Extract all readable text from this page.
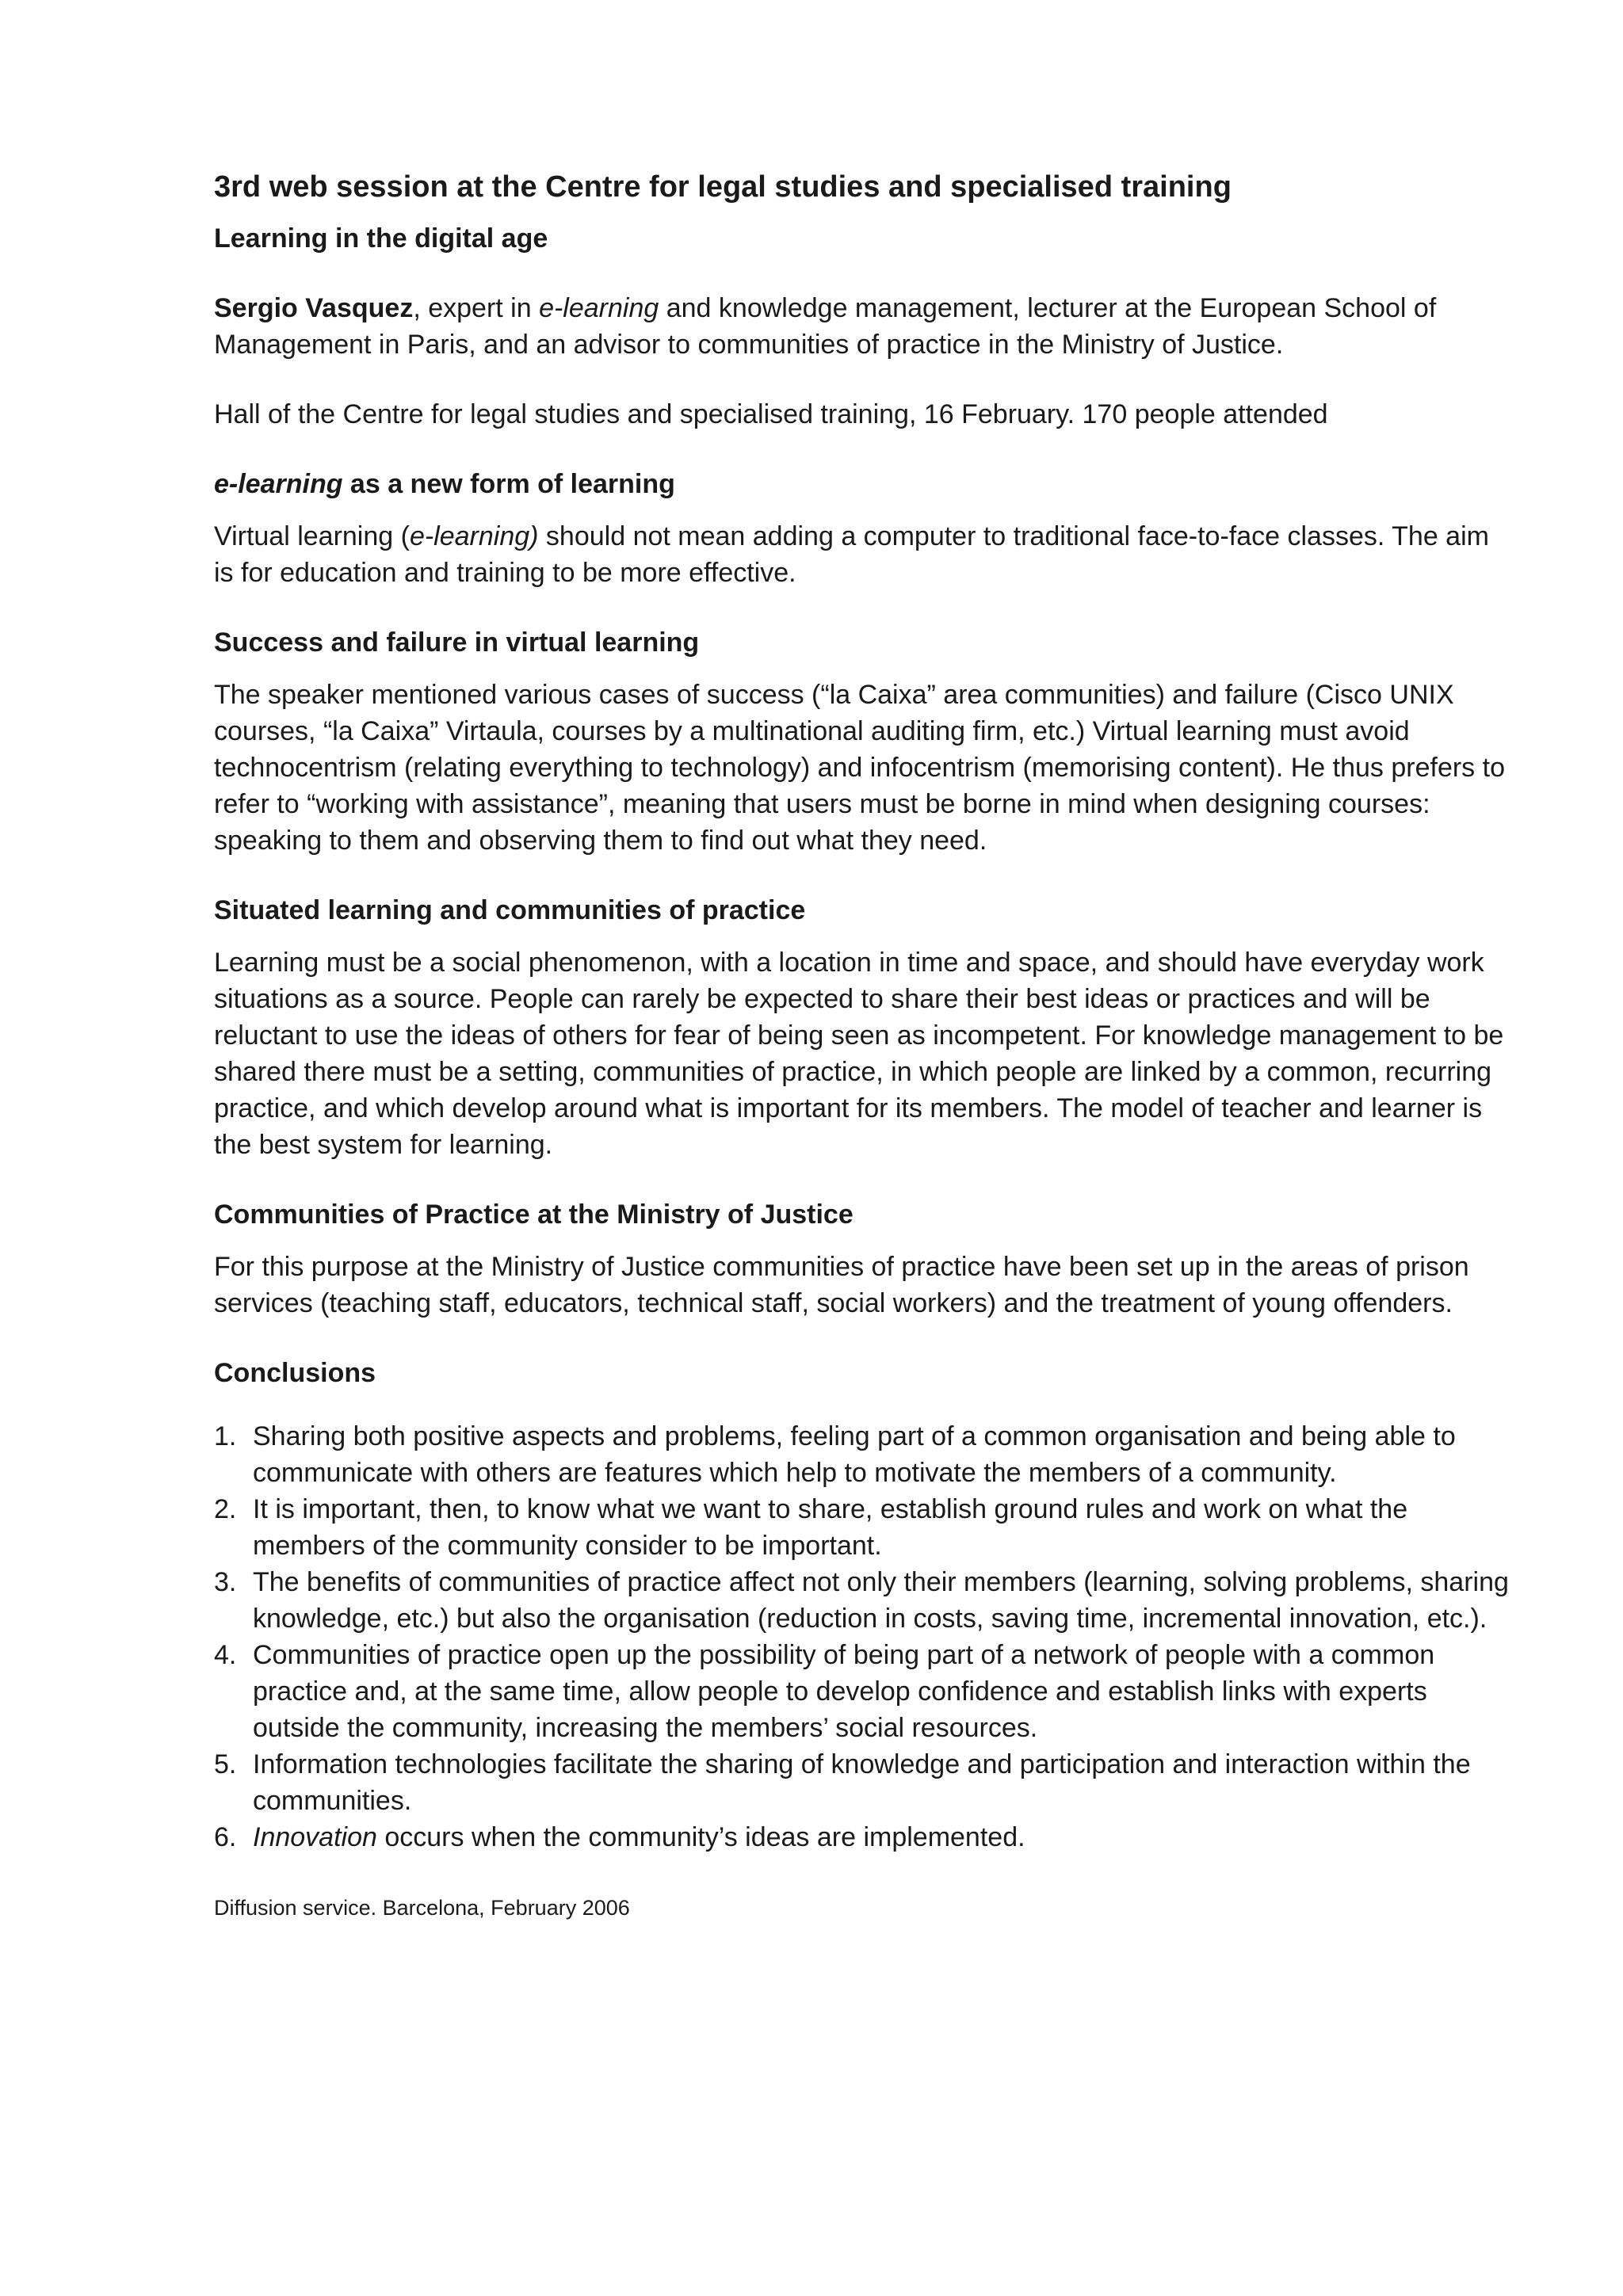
3rd web session at the Centre for legal studies and specialised training
Learning in the digital age

Sergio Vasquez, expert in e-learning and knowledge management, lecturer at the European School of Management in Paris, and an advisor to communities of practice in the Ministry of Justice.

Hall of the Centre for legal studies and specialised training, 16 February. 170 people attended

e-learning as a new form of learning

Virtual learning (e-learning) should not mean adding a computer to traditional face-to-face classes. The aim is for education and training to be more effective.

Success and failure in virtual learning

The speaker mentioned various cases of success (“la Caixa” area communities) and failure (Cisco UNIX courses, “la Caixa” Virtaula, courses by a multinational auditing firm, etc.) Virtual learning must avoid technocentrism (relating everything to technology) and infocentrism (memorising content). He thus prefers to refer to “working with assistance”, meaning that users must be borne in mind when designing courses:speaking to them and observing them to find out what they need.

Situated learning and communities of practice

Learning must be a social phenomenon, with a location in time and space, and should have everyday work situations as a source. People can rarely be expected to share their best ideas or practices and will be reluctant to use the ideas of others for fear of being seen as incompetent. For knowledge management to be shared there must be a setting, communities of practice, in which people are linked by a common, recurring practice, and which develop around what is important for its members. The model of teacher and learner is the best system for learning.

Communities of Practice at the Ministry of Justice

For this purpose at the Ministry of Justice communities of practice have been set up in the areas of prison services (teaching staff, educators, technical staff, social workers) and the treatment of young offenders.

Conclusions
1. Sharing both positive aspects and problems, feeling part of a common organisation and being able to communicate with others are features which help to motivate the members of a community.
2. It is important, then, to know what we want to share, establish ground rules and work on what the members of the community consider to be important.
3. The benefits of communities of practice affect not only their members (learning, solving problems, sharing knowledge, etc.) but also the organisation (reduction in costs, saving time, incremental innovation, etc.).
4. Communities of practice open up the possibility of being part of a network of people with a common practice and, at the same time, allow people to develop confidence and establish links with experts outside the community, increasing the members’ social resources.
5. Information technologies facilitate the sharing of knowledge and participation and interaction within the communities.
6. Innovation occurs when the community’s ideas are implemented.

Diffusion service. Barcelona, February 2006
